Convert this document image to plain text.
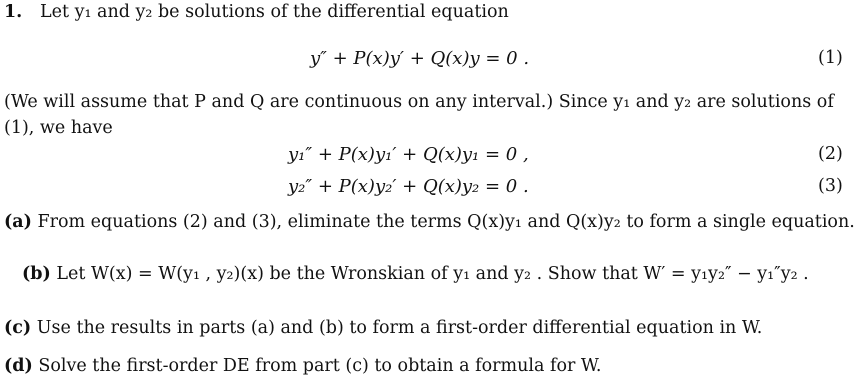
1. Let y₁ and y₂ be solutions of the differential equation
y″ + P(x)y′ + Q(x)y = 0 .	(1)
(We will assume that P and Q are continuous on any interval.) Since y₁ and y₂ are solutions of
(1), we have
y₁″ + P(x)y₁′ + Q(x)y₁ = 0 ,	(2)
y₂″ + P(x)y₂′ + Q(x)y₂ = 0 .	(3)
(a) From equations (2) and (3), eliminate the terms Q(x)y₁ and Q(x)y₂ to form a single equation.
(b) Let W(x) = W(y₁ , y₂)(x) be the Wronskian of y₁ and y₂ . Show that W′ = y₁y₂″ − y₁″y₂ .
(c) Use the results in parts (a) and (b) to form a first-order differential equation in W.
(d) Solve the first-order DE from part (c) to obtain a formula for W.
